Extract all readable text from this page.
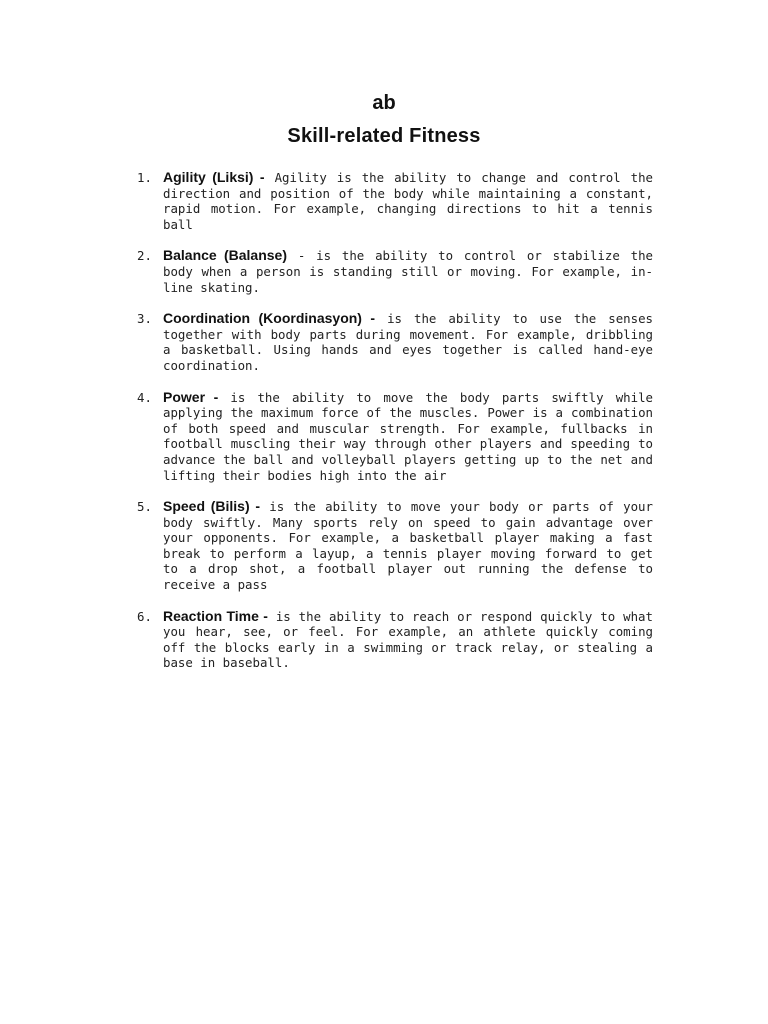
ab
Skill-related Fitness
1. Agility (Liksi) - Agility is the ability to change and control the direction and position of the body while maintaining a constant, rapid motion. For example, changing directions to hit a tennis ball
2. Balance (Balanse) - is the ability to control or stabilize the body when a person is standing still or moving. For example, in-line skating.
3. Coordination (Koordinasyon) - is the ability to use the senses together with body parts during movement. For example, dribbling a basketball. Using hands and eyes together is called hand-eye coordination.
4. Power - is the ability to move the body parts swiftly while applying the maximum force of the muscles. Power is a combination of both speed and muscular strength. For example, fullbacks in football muscling their way through other players and speeding to advance the ball and volleyball players getting up to the net and lifting their bodies high into the air
5. Speed (Bilis) - is the ability to move your body or parts of your body swiftly. Many sports rely on speed to gain advantage over your opponents. For example, a basketball player making a fast break to perform a layup, a tennis player moving forward to get to a drop shot, a football player out running the defense to receive a pass
6. Reaction Time - is the ability to reach or respond quickly to what you hear, see, or feel. For example, an athlete quickly coming off the blocks early in a swimming or track relay, or stealing a base in baseball.
